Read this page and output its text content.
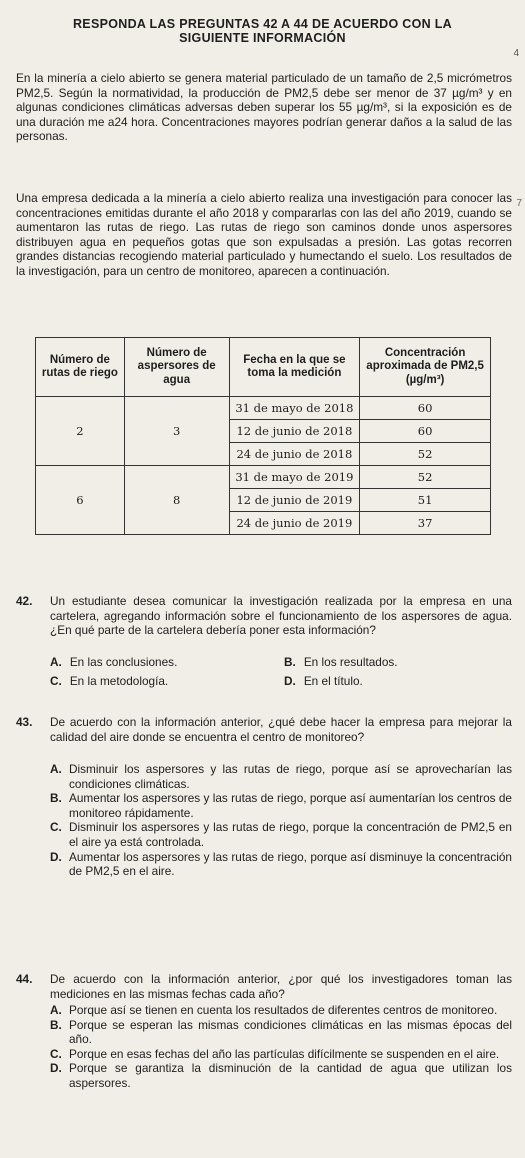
RESPONDA LAS PREGUNTAS 42 A 44 DE ACUERDO CON LA
SIGUIENTE INFORMACIÓN
4
En la minería a cielo abierto se genera material particulado de un tamaño de 2,5 micrómetros PM2,5. Según la normatividad, la producción de PM2,5 debe ser menor de 37 µg/m³ y en algunas condiciones climáticas adversas deben superar los 55 µg/m³, si la exposición es de una duración me a24 hora. Concentraciones mayores podrían generar daños a la salud de las personas.
7
Una empresa dedicada a la minería a cielo abierto realiza una investigación para conocer las concentraciones emitidas durante el año 2018 y compararlas con las del año 2019, cuando se aumentaron las rutas de riego. Las rutas de riego son caminos donde unos aspersores distribuyen agua en pequeños gotas que son expulsadas a presión. Las gotas recorren grandes distancias recogiendo material particulado y humectando el suelo. Los resultados de la investigación, para un centro de monitoreo, aparecen a continuación.
Número de rutas de riego	Número de aspersores de agua	Fecha en la que se toma la medición	Concentración aproximada de PM2,5 (µg/m³)
2	3	31 de mayo de 2018	60
		12 de junio de 2018	60
		24 de junio de 2018	52
6	8	31 de mayo de 2019	52
		12 de junio de 2019	51
		24 de junio de 2019	37
42. Un estudiante desea comunicar la investigación realizada por la empresa en una cartelera, agregando información sobre el funcionamiento de los aspersores de agua. ¿En qué parte de la cartelera debería poner esta información?
A. En las conclusiones.	B. En los resultados.
C. En la metodología.	D. En el título.
43. De acuerdo con la información anterior, ¿qué debe hacer la empresa para mejorar la calidad del aire donde se encuentra el centro de monitoreo?
A. Disminuir los aspersores y las rutas de riego, porque así se aprovecharían las condiciones climáticas.
B. Aumentar los aspersores y las rutas de riego, porque así aumentarían los centros de monitoreo rápidamente.
C. Disminuir los aspersores y las rutas de riego, porque la concentración de PM2,5 en el aire ya está controlada.
D. Aumentar los aspersores y las rutas de riego, porque así disminuye la concentración de PM2,5 en el aire.
44. De acuerdo con la información anterior, ¿por qué los investigadores toman las mediciones en las mismas fechas cada año?
A. Porque así se tienen en cuenta los resultados de diferentes centros de monitoreo.
B. Porque se esperan las mismas condiciones climáticas en las mismas épocas del año.
C. Porque en esas fechas del año las partículas difícilmente se suspenden en el aire.
D. Porque se garantiza la disminución de la cantidad de agua que utilizan los aspersores.
